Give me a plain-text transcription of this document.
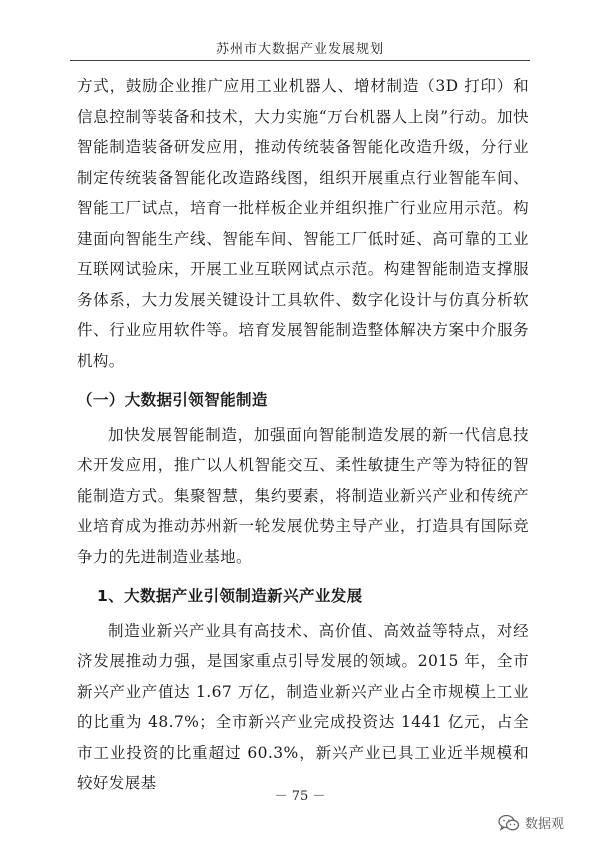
苏州市大数据产业发展规划

方式，鼓励企业推广应用工业机器人、增材制造（3D 打印）和信息控制等装备和技术，大力实施“万台机器人上岗”行动。加快智能制造装备研发应用，推动传统装备智能化改造升级，分行业制定传统装备智能化改造路线图，组织开展重点行业智能车间、智能工厂试点，培育一批样板企业并组织推广行业应用示范。构建面向智能生产线、智能车间、智能工厂低时延、高可靠的工业互联网试验床，开展工业互联网试点示范。构建智能制造支撑服务体系，大力发展关键设计工具软件、数字化设计与仿真分析软件、行业应用软件等。培育发展智能制造整体解决方案中介服务机构。

（一）大数据引领智能制造

加快发展智能制造，加强面向智能制造发展的新一代信息技术开发应用，推广以人机智能交互、柔性敏捷生产等为特征的智能制造方式。集聚智慧，集约要素，将制造业新兴产业和传统产业培育成为推动苏州新一轮发展优势主导产业，打造具有国际竞争力的先进制造业基地。

1、大数据产业引领制造新兴产业发展

制造业新兴产业具有高技术、高价值、高效益等特点，对经济发展推动力强，是国家重点引导发展的领域。2015 年，全市新兴产业产值达 1.67 万亿，制造业新兴产业占全市规模上工业的比重为 48.7%；全市新兴产业完成投资达 1441 亿元，占全市工业投资的比重超过 60.3%，新兴产业已具工业近半规模和较好发展基

－ 75 －
数据观
